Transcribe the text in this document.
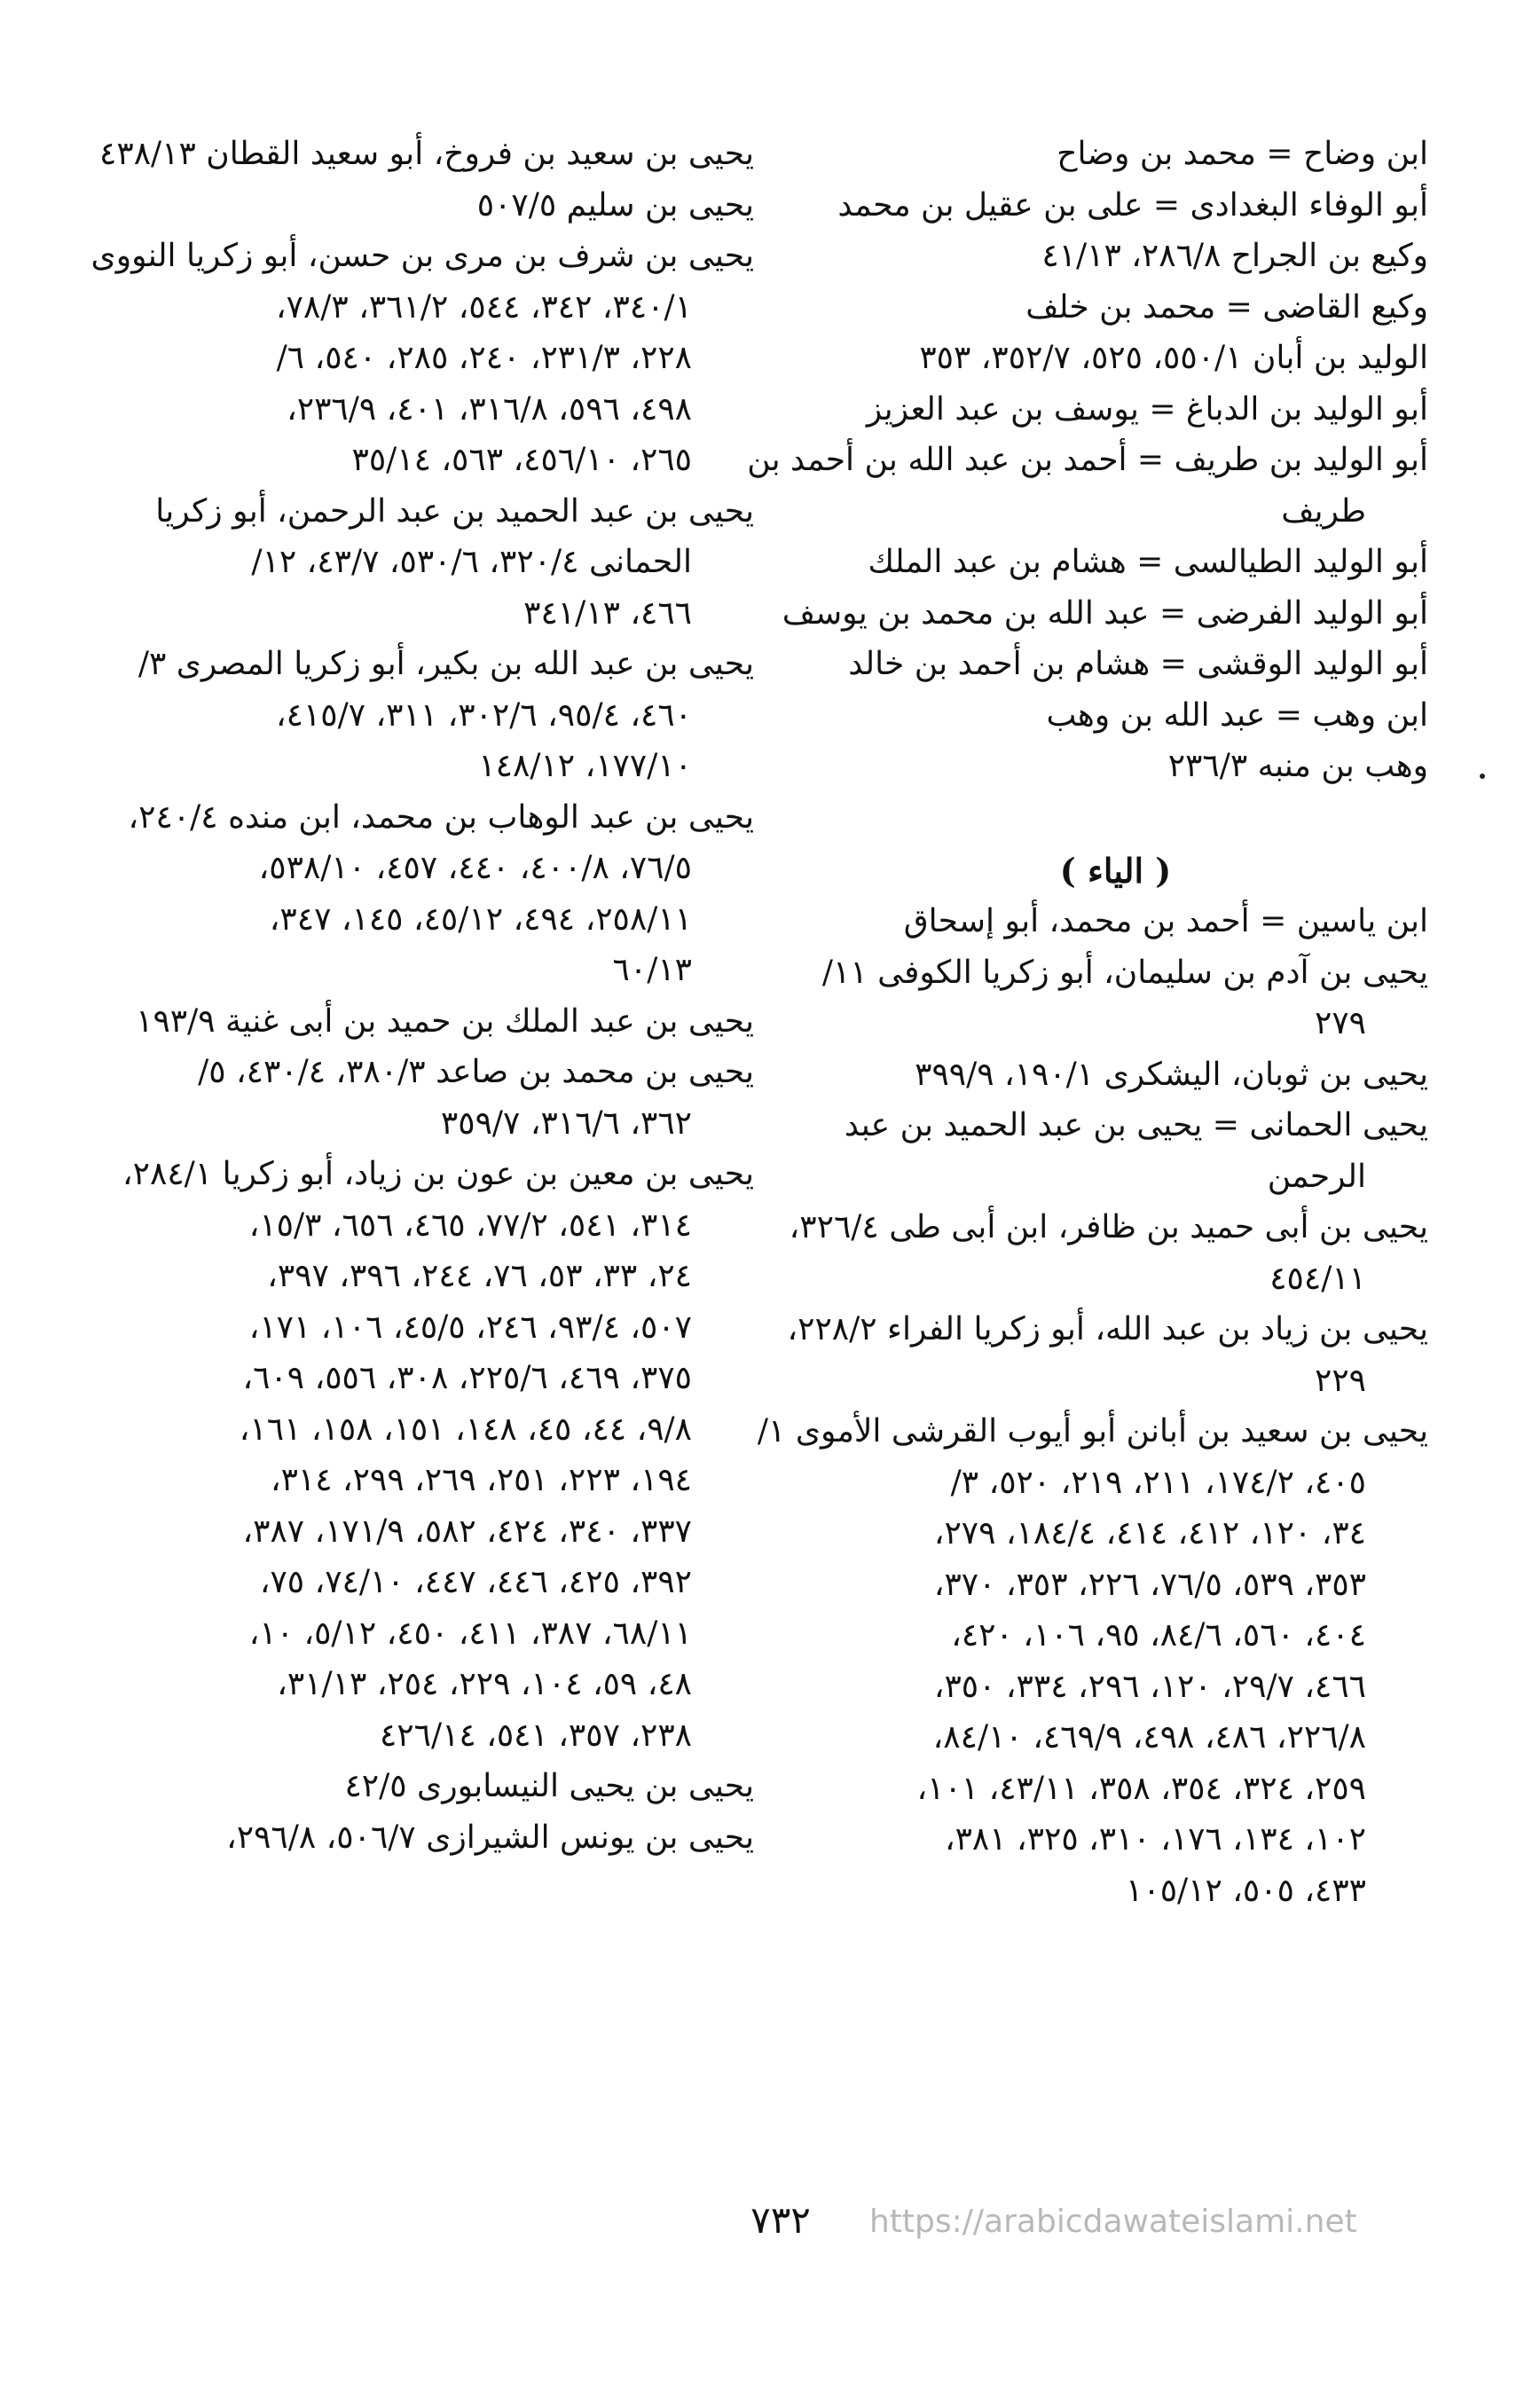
ابن وضاح = محمد بن وضاح
أبو الوفاء البغدادى = على بن عقيل بن محمد
وكيع بن الجراح ٢٨٦/٨، ٤١/١٣
وكيع القاضى = محمد بن خلف
الوليد بن أبان ٥٥٠/١، ٥٢٥، ٣٥٢/٧، ٣٥٣
أبو الوليد بن الدباغ = يوسف بن عبد العزيز
أبو الوليد بن طريف = أحمد بن عبد الله بن أحمد بن
طريف
أبو الوليد الطيالسى = هشام بن عبد الملك
أبو الوليد الفرضى = عبد الله بن محمد بن يوسف
أبو الوليد الوقشى = هشام بن أحمد بن خالد
ابن وهب = عبد الله بن وهب
وهب بن منبه ٢٣٦/٣
( الياء )
ابن ياسين = أحمد بن محمد، أبو إسحاق
يحيى بن آدم بن سليمان، أبو زكريا الكوفى ١١/
٢٧٩
يحيى بن ثوبان، اليشكرى ١٩٠/١، ٣٩٩/٩
يحيى الحمانى = يحيى بن عبد الحميد بن عبد
الرحمن
يحيى بن أبى حميد بن ظافر، ابن أبى طى ٣٢٦/٤،
٤٥٤/١١
يحيى بن زياد بن عبد الله، أبو زكريا الفراء ٢٢٨/٢،
٢٢٩
يحيى بن سعيد بن أبانن أبو أيوب القرشى الأموى ١/
٤٠٥، ١٧٤/٢، ٢١١، ٢١٩، ٥٢٠، ٣/
٣٤، ١٢٠، ٤١٢، ٤١٤، ١٨٤/٤، ٢٧٩،
٣٥٣، ٥٣٩، ٧٦/٥، ٢٢٦، ٣٥٣، ٣٧٠،
٤٠٤، ٥٦٠، ٨٤/٦، ٩٥، ١٠٦، ٤٢٠،
٤٦٦، ٢٩/٧، ١٢٠، ٢٩٦، ٣٣٤، ٣٥٠،
٢٢٦/٨، ٤٨٦، ٤٩٨، ٤٦٩/٩، ٨٤/١٠،
٢٥٩، ٣٢٤، ٣٥٤، ٣٥٨، ٤٣/١١، ١٠١،
١٠٢، ١٣٤، ١٧٦، ٣١٠، ٣٢٥، ٣٨١،
٤٣٣، ٥٠٥، ١٠٥/١٢
يحيى بن سعيد بن فروخ، أبو سعيد القطان ٤٣٨/١٣
يحيى بن سليم ٥٠٧/٥
يحيى بن شرف بن مرى بن حسن، أبو زكريا النووى
٣٤٠/١، ٣٤٢، ٥٤٤، ٣٦١/٢، ٧٨/٣،
٢٢٨، ٢٣١/٣، ٢٤٠، ٢٨٥، ٥٤٠، ٦/
٤٩٨، ٥٩٦، ٣١٦/٨، ٤٠١، ٢٣٦/٩،
٢٦٥، ٤٥٦/١٠، ٥٦٣، ٣٥/١٤
يحيى بن عبد الحميد بن عبد الرحمن، أبو زكريا
الحمانى ٣٢٠/٤، ٥٣٠/٦، ٤٣/٧، ١٢/
٤٦٦، ٣٤١/١٣
يحيى بن عبد الله بن بكير، أبو زكريا المصرى ٣/
٤٦٠، ٩٥/٤، ٣٠٢/٦، ٣١١، ٤١٥/٧،
١٧٧/١٠، ١٤٨/١٢
يحيى بن عبد الوهاب بن محمد، ابن منده ٢٤٠/٤،
٧٦/٥، ٤٠٠/٨، ٤٤٠، ٤٥٧، ٥٣٨/١٠،
٢٥٨/١١، ٤٩٤، ٤٥/١٢، ١٤٥، ٣٤٧،
٦٠/١٣
يحيى بن عبد الملك بن حميد بن أبى غنية ١٩٣/٩
يحيى بن محمد بن صاعد ٣٨٠/٣، ٤٣٠/٤، ٥/
٣٦٢، ٣١٦/٦، ٣٥٩/٧
يحيى بن معين بن عون بن زياد، أبو زكريا ٢٨٤/١،
٣١٤، ٥٤١، ٧٧/٢، ٤٦٥، ٦٥٦، ١٥/٣،
٢٤، ٣٣، ٥٣، ٧٦، ٢٤٤، ٣٩٦، ٣٩٧،
٥٠٧، ٩٣/٤، ٢٤٦، ٤٥/٥، ١٠٦، ١٧١،
٣٧٥، ٤٦٩، ٢٢٥/٦، ٣٠٨، ٥٥٦، ٦٠٩،
٩/٨، ٤٤، ٤٥، ١٤٨، ١٥١، ١٥٨، ١٦١،
١٩٤، ٢٢٣، ٢٥١، ٢٦٩، ٢٩٩، ٣١٤،
٣٣٧، ٣٤٠، ٤٢٤، ٥٨٢، ١٧١/٩، ٣٨٧،
٣٩٢، ٤٢٥، ٤٤٦، ٤٤٧، ٧٤/١٠، ٧٥،
٦٨/١١، ٣٨٧، ٤١١، ٤٥٠، ٥/١٢، ١٠،
٤٨، ٥٩، ١٠٤، ٢٢٩، ٢٥٤، ٣١/١٣،
٢٣٨، ٣٥٧، ٥٤١، ٤٢٦/١٤
يحيى بن يحيى النيسابورى ٤٢/٥
يحيى بن يونس الشيرازى ٥٠٦/٧، ٢٩٦/٨،
٧٣٢	https://arabicdawateislami.net
